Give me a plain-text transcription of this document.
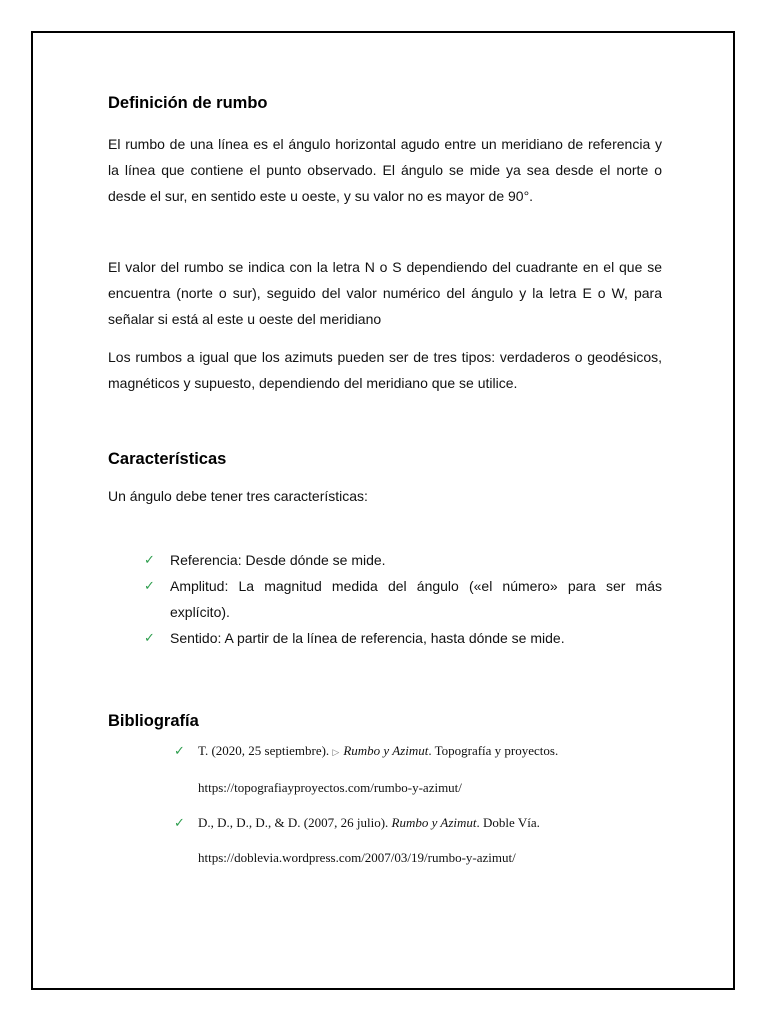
Definición de rumbo

El rumbo de una línea es el ángulo horizontal agudo entre un meridiano de referencia y la línea que contiene el punto observado. El ángulo se mide ya sea desde el norte o desde el sur, en sentido este u oeste, y su valor no es mayor de 90°.

El valor del rumbo se indica con la letra N o S dependiendo del cuadrante en el que se encuentra (norte o sur), seguido del valor numérico del ángulo y la letra E o W, para señalar si está al este u oeste del meridiano

Los rumbos a igual que los azimuts pueden ser de tres tipos: verdaderos o geodésicos, magnéticos y supuesto, dependiendo del meridiano que se utilice.

Características

Un ángulo debe tener tres características:

✓ Referencia: Desde dónde se mide.
✓ Amplitud: La magnitud medida del ángulo («el número» para ser más explícito).
✓ Sentido: A partir de la línea de referencia, hasta dónde se mide.
Bibliografía
✓ T. (2020, 25 septiembre). ▷ Rumbo y Azimut. Topografía y proyectos.
https://topografiayproyectos.com/rumbo-y-azimut/
✓ D., D., D., D., & D. (2007, 26 julio). Rumbo y Azimut. Doble Vía.
https://doblevia.wordpress.com/2007/03/19/rumbo-y-azimut/
